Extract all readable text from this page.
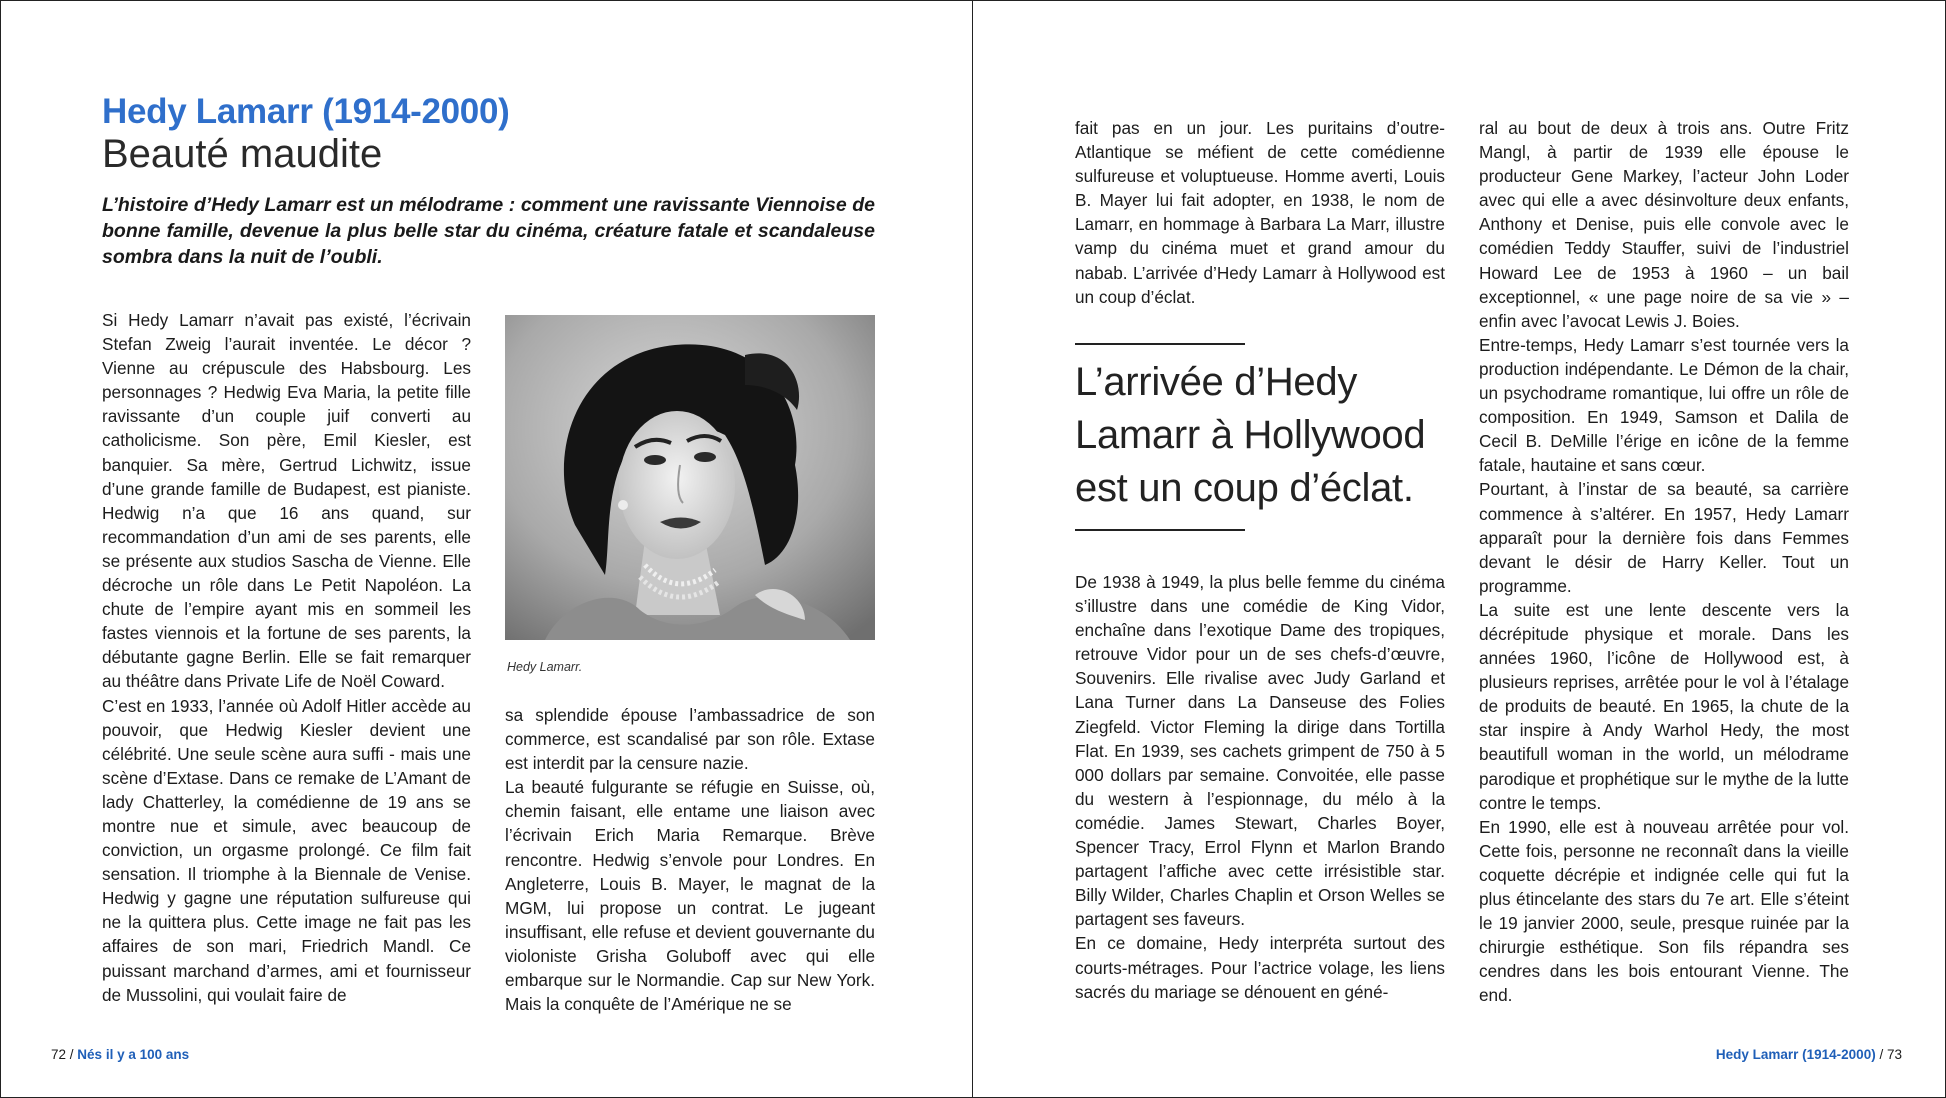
Hedy Lamarr (1914-2000)
Beauté maudite

L’histoire d’Hedy Lamarr est un mélodrame : comment une ravissante Viennoise de bonne famille, devenue la plus belle star du cinéma, créature fatale et scandaleuse sombra dans la nuit de l’oubli.

Si Hedy Lamarr n’avait pas existé, l’écrivain Stefan Zweig l’aurait inventée. Le décor ? Vienne au crépuscule des Habsbourg. Les personnages ? Hedwig Eva Maria, la petite fille ravissante d’un couple juif converti au catholicisme. Son père, Emil Kiesler, est banquier. Sa mère, Gertrud Lichwitz, issue d’une grande famille de Budapest, est pianiste. Hedwig n’a que 16 ans quand, sur recommandation d’un ami de ses parents, elle se présente aux studios Sascha de Vienne. Elle décroche un rôle dans Le Petit Napoléon. La chute de l’empire ayant mis en sommeil les fastes viennois et la fortune de ses parents, la débutante gagne Berlin. Elle se fait remarquer au théâtre dans Private Life de Noël Coward.

C’est en 1933, l’année où Adolf Hitler accède au pouvoir, que Hedwig Kiesler devient une célébrité. Une seule scène aura suffi - mais une scène d’Extase. Dans ce remake de L’Amant de lady Chatterley, la comédienne de 19 ans se montre nue et simule, avec beaucoup de conviction, un orgasme prolongé. Ce film fait sensation. Il triomphe à la Biennale de Venise. Hedwig y gagne une réputation sulfureuse qui ne la quittera plus. Cette image ne fait pas les affaires de son mari, Friedrich Mandl. Ce puissant marchand d’armes, ami et fournisseur de Mussolini, qui voulait faire de

Hedy Lamarr.

sa splendide épouse l’ambassadrice de son commerce, est scandalisé par son rôle. Extase est interdit par la censure nazie.

La beauté fulgurante se réfugie en Suisse, où, chemin faisant, elle entame une liaison avec l’écrivain Erich Maria Remarque. Brève rencontre. Hedwig s’envole pour Londres. En Angleterre, Louis B. Mayer, le magnat de la MGM, lui propose un contrat. Le jugeant insuffisant, elle refuse et devient gouvernante du violoniste Grisha Goluboff avec qui elle embarque sur le Normandie. Cap sur New York. Mais la conquête de l’Amérique ne se

72 / Nés il y a 100 ans

fait pas en un jour. Les puritains d’outre-Atlantique se méfient de cette comédienne sulfureuse et voluptueuse. Homme averti, Louis B. Mayer lui fait adopter, en 1938, le nom de Lamarr, en hommage à Barbara La Marr, illustre vamp du cinéma muet et grand amour du nabab. L’arrivée d’Hedy Lamarr à Hollywood est un coup d’éclat.

L’arrivée d’Hedy Lamarr à Hollywood est un coup d’éclat.

De 1938 à 1949, la plus belle femme du cinéma s’illustre dans une comédie de King Vidor, enchaîne dans l’exotique Dame des tropiques, retrouve Vidor pour un de ses chefs-d’œuvre, Souvenirs. Elle rivalise avec Judy Garland et Lana Turner dans La Danseuse des Folies Ziegfeld. Victor Fleming la dirige dans Tortilla Flat. En 1939, ses cachets grimpent de 750 à 5 000 dollars par semaine. Convoitée, elle passe du western à l’espionnage, du mélo à la comédie. James Stewart, Charles Boyer, Spencer Tracy, Errol Flynn et Marlon Brando partagent l’affiche avec cette irrésistible star. Billy Wilder, Charles Chaplin et Orson Welles se partagent ses faveurs.

En ce domaine, Hedy interpréta surtout des courts-métrages. Pour l’actrice volage, les liens sacrés du mariage se dénouent en géné-

ral au bout de deux à trois ans. Outre Fritz Mangl, à partir de 1939 elle épouse le producteur Gene Markey, l’acteur John Loder avec qui elle a avec désinvolture deux enfants, Anthony et Denise, puis elle convole avec le comédien Teddy Stauffer, suivi de l’industriel Howard Lee de 1953 à 1960 – un bail exceptionnel, « une page noire de sa vie » – enfin avec l’avocat Lewis J. Boies.

Entre-temps, Hedy Lamarr s’est tournée vers la production indépendante. Le Démon de la chair, un psychodrame romantique, lui offre un rôle de composition. En 1949, Samson et Dalila de Cecil B. DeMille l’érige en icône de la femme fatale, hautaine et sans cœur.

Pourtant, à l’instar de sa beauté, sa carrière commence à s’altérer. En 1957, Hedy Lamarr apparaît pour la dernière fois dans Femmes devant le désir de Harry Keller. Tout un programme.

La suite est une lente descente vers la décrépitude physique et morale. Dans les années 1960, l’icône de Hollywood est, à plusieurs reprises, arrêtée pour le vol à l’étalage de produits de beauté. En 1965, la chute de la star inspire à Andy Warhol Hedy, the most beautifull woman in the world, un mélodrame parodique et prophétique sur le mythe de la lutte contre le temps.

En 1990, elle est à nouveau arrêtée pour vol. Cette fois, personne ne reconnaît dans la vieille coquette décrépie et indignée celle qui fut la plus étincelante des stars du 7e art. Elle s’éteint le 19 janvier 2000, seule, presque ruinée par la chirurgie esthétique. Son fils répandra ses cendres dans les bois entourant Vienne. The end.

Hedy Lamarr (1914-2000) / 73
